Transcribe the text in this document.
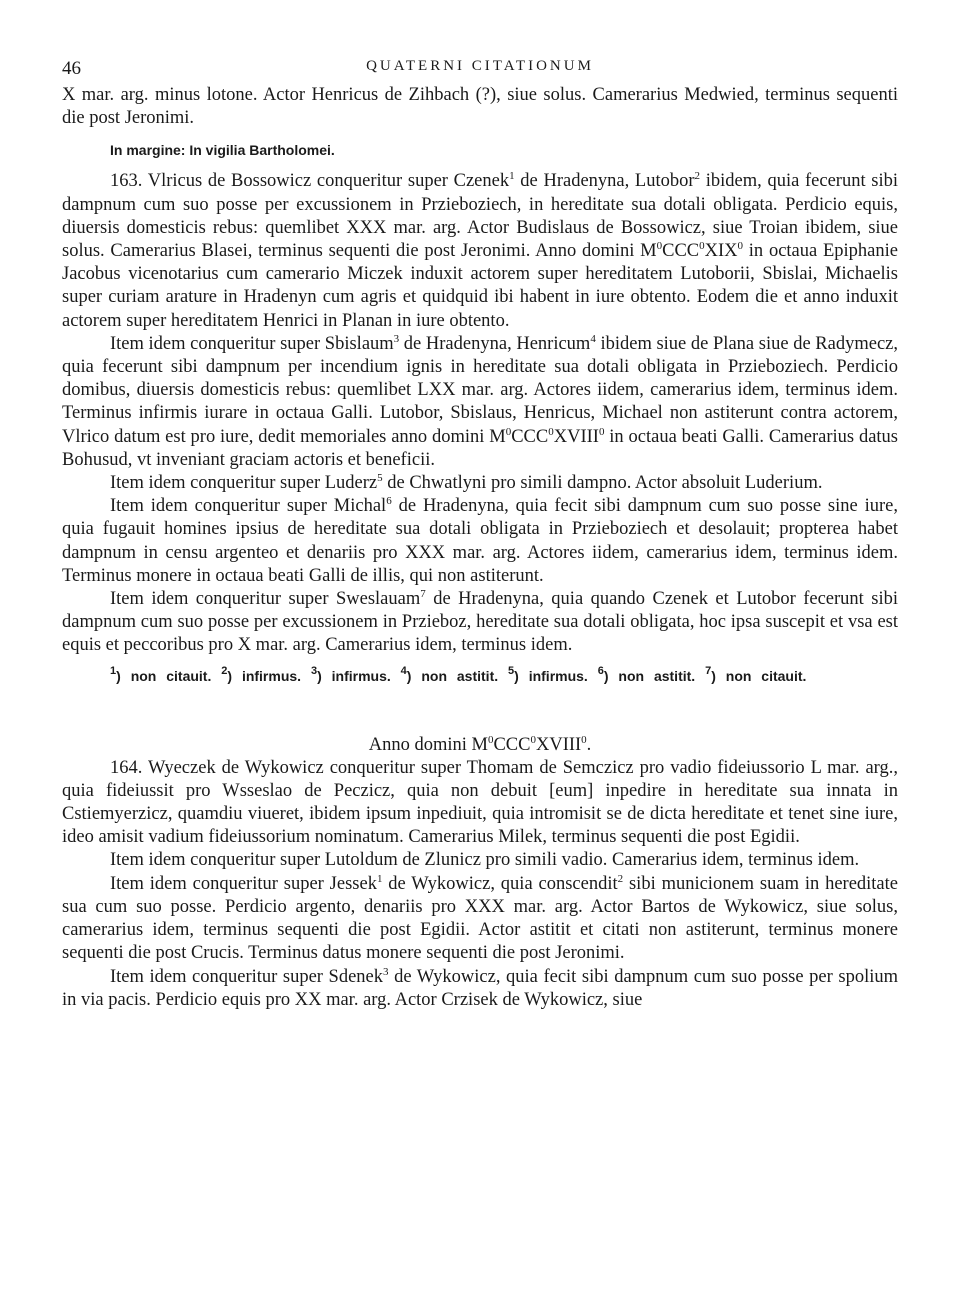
46	QUATERNI CITATIONUM

X mar. arg. minus lotone. Actor Henricus de Zihbach (?), siue solus. Camerarius Medwied, terminus sequenti die post Jeronimi.

In margine: In vigilia Bartholomei.

163. Vlricus de Bossowicz conqueritur super Czenek$^1$ de Hradenyna, Lutobor$^2$ ibidem, quia fecerunt sibi dampnum cum suo posse per excussionem in Przieboziech, in hereditate sua dotali obligata. Perdicio equis, diuersis domesticis rebus: quemlibet XXX mar. arg. Actor Budislaus de Bossowicz, siue Troian ibidem, siue solus. Camerarius Blasei, terminus sequenti die post Jeronimi. Anno domini $M^0CCC^0XIX^0$ in octaua Epiphanie Jacobus vicenotarius cum camerario Miczek induxit actorem super hereditatem Lutoborii, Sbislai, Michaelis super curiam arature in Hradenyn cum agris et quidquid ibi habent in iure obtento. Eodem die et anno induxit actorem super hereditatem Henrici in Planan in iure obtento.

Item idem conqueritur super Sbislaum$^3$ de Hradenyna, Henricum$^4$ ibidem siue de Plana siue de Radymecz, quia fecerunt sibi dampnum per incendium ignis in hereditate sua dotali obligata in Przieboziech. Perdicio domibus, diuersis domesticis rebus: quemlibet LXX mar. arg. Actores iidem, camerarius idem, terminus idem. Terminus infirmis iurare in octaua Galli. Lutobor, Sbislaus, Henricus, Michael non astiterunt contra actorem, Vlrico datum est pro iure, dedit memoriales anno domini $M^0CCC^0XVIII^0$ in octaua beati Galli. Camerarius datus Bohusud, vt inveniant graciam actoris et beneficii.

Item idem conqueritur super Luderz$^5$ de Chwatlyni pro simili dampno. Actor absoluit Luderium.

Item idem conqueritur super Michal$^6$ de Hradenyna, quia fecit sibi dampnum cum suo posse sine iure, quia fugauit homines ipsius de hereditate sua dotali obligata in Przieboziech et desolauit; propterea habet dampnum in censu argenteo et denariis pro XXX mar. arg. Actores iidem, camerarius idem, terminus idem. Terminus monere in octaua beati Galli de illis, qui non astiterunt.

Item idem conqueritur super Sweslauam$^7$ de Hradenyna, quia quando Czenek et Lutobor fecerunt sibi dampnum cum suo posse per excussionem in Prziebоz, hereditate sua dotali obligata, hoc ipsa suscepit et vsa est equis et peccoribus pro X mar. arg. Camerarius idem, terminus idem.

$^1$) non citauit. $^2$) infirmus. $^3$) infirmus. $^4$) non astitit. $^5$) infirmus. $^6$) non astitit. $^7$) non citauit.
Anno domini $M^0CCC^0XVIII^0$.

164. Wyeczek de Wykowicz conqueritur super Thomam de Semczicz pro vadio fideiussorio L mar. arg., quia fideiussit pro Wsseslao de Peczicz, quia non debuit [eum] inpedire in hereditate sua innata in Cstiemyerzicz, quamdiu viueret, ibidem ipsum inpediuit, quia intromisit se de dicta hereditate et tenet sine iure, ideo amisit vadium fideiussorium nominatum. Camerarius Milek, terminus sequenti die post Egidii.

Item idem conqueritur super Lutoldum de Zlunicz pro simili vadio. Camerarius idem, terminus idem.

Item idem conqueritur super Jessek$^1$ de Wykowicz, quia conscendit$^2$ sibi municionem suam in hereditate sua cum suo posse. Perdicio argento, denariis pro XXX mar. arg. Actor Bartos de Wykowicz, siue solus, camerarius idem, terminus sequenti die post Egidii. Actor astitit et citati non astiterunt, terminus monere sequenti die post Crucis. Terminus datus monere sequenti die post Jeronimi.

Item idem conqueritur super Sdenek$^3$ de Wykowicz, quia fecit sibi dampnum cum suo posse per spolium in via pacis. Perdicio equis pro XX mar. arg. Actor Crzisek de Wykowicz, siue
